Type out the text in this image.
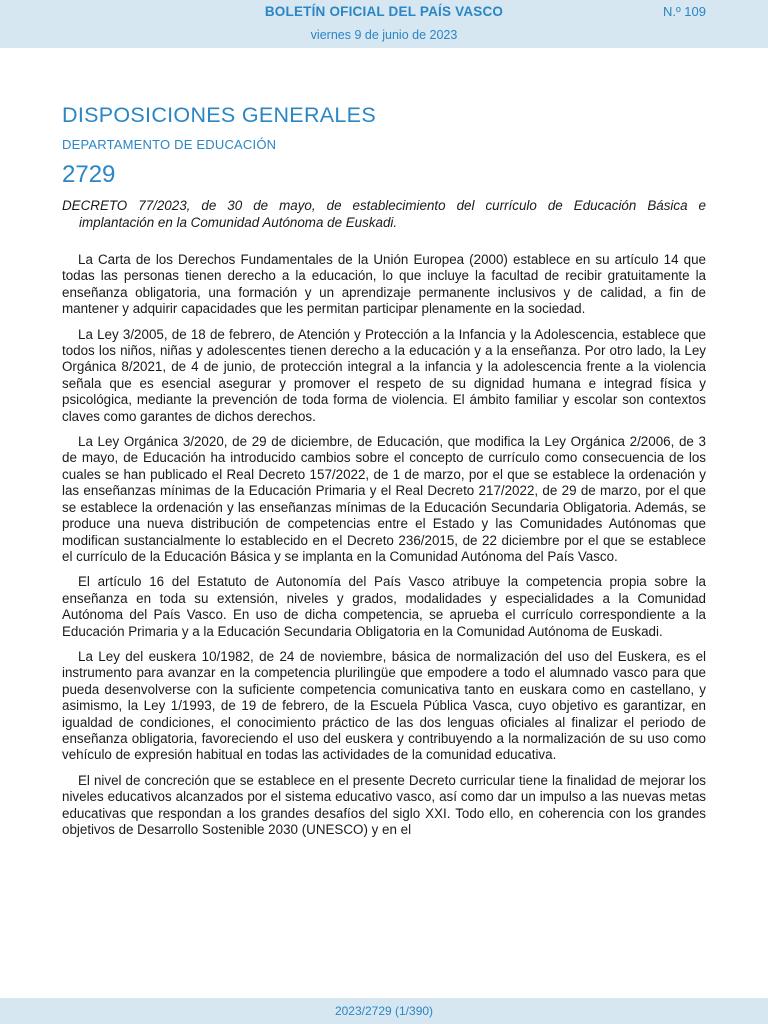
BOLETÍN OFICIAL DEL PAÍS VASCO	N.º 109
viernes 9 de junio de 2023
DISPOSICIONES GENERALES
DEPARTAMENTO DE EDUCACIÓN
2729
DECRETO 77/2023, de 30 de mayo, de establecimiento del currículo de Educación Básica e
implantación en la Comunidad Autónoma de Euskadi.

La Carta de los Derechos Fundamentales de la Unión Europea (2000) establece en su artículo 14 que todas las personas tienen derecho a la educación, lo que incluye la facultad de recibir gratuitamente la enseñanza obligatoria, una formación y un aprendizaje permanente inclusivos y de calidad, a fin de mantener y adquirir capacidades que les permitan participar plenamente en la sociedad.

La Ley 3/2005, de 18 de febrero, de Atención y Protección a la Infancia y la Adolescencia, establece que todos los niños, niñas y adolescentes tienen derecho a la educación y a la enseñanza. Por otro lado, la Ley Orgánica 8/2021, de 4 de junio, de protección integral a la infancia y la adolescencia frente a la violencia señala que es esencial asegurar y promover el respeto de su dignidad humana e integrad física y psicológica, mediante la prevención de toda forma de violencia. El ámbito familiar y escolar son contextos claves como garantes de dichos derechos.

La Ley Orgánica 3/2020, de 29 de diciembre, de Educación, que modifica la Ley Orgánica 2/2006, de 3 de mayo, de Educación ha introducido cambios sobre el concepto de currículo como consecuencia de los cuales se han publicado el Real Decreto 157/2022, de 1 de marzo, por el que se establece la ordenación y las enseñanzas mínimas de la Educación Primaria y el Real Decreto 217/2022, de 29 de marzo, por el que se establece la ordenación y las enseñanzas mínimas de la Educación Secundaria Obligatoria. Además, se produce una nueva distribución de competencias entre el Estado y las Comunidades Autónomas que modifican sustancialmente lo establecido en el Decreto 236/2015, de 22 diciembre por el que se establece el currículo de la Educación Básica y se implanta en la Comunidad Autónoma del País Vasco.

El artículo 16 del Estatuto de Autonomía del País Vasco atribuye la competencia propia sobre la enseñanza en toda su extensión, niveles y grados, modalidades y especialidades a la Comunidad Autónoma del País Vasco. En uso de dicha competencia, se aprueba el currículo correspondiente a la Educación Primaria y a la Educación Secundaria Obligatoria en la Comunidad Autónoma de Euskadi.

La Ley del euskera 10/1982, de 24 de noviembre, básica de normalización del uso del Euskera, es el instrumento para avanzar en la competencia plurilingüe que empodere a todo el alumnado vasco para que pueda desenvolverse con la suficiente competencia comunicativa tanto en euskara como en castellano, y asimismo, la Ley 1/1993, de 19 de febrero, de la Escuela Pública Vasca, cuyo objetivo es garantizar, en igualdad de condiciones, el conocimiento práctico de las dos lenguas oficiales al finalizar el periodo de enseñanza obligatoria, favoreciendo el uso del euskera y contribuyendo a la normalización de su uso como vehículo de expresión habitual en todas las actividades de la comunidad educativa.

El nivel de concreción que se establece en el presente Decreto curricular tiene la finalidad de mejorar los niveles educativos alcanzados por el sistema educativo vasco, así como dar un impulso a las nuevas metas educativas que respondan a los grandes desafíos del siglo XXI. Todo ello, en coherencia con los grandes objetivos de Desarrollo Sostenible 2030 (UNESCO) y en el

2023/2729 (1/390)
